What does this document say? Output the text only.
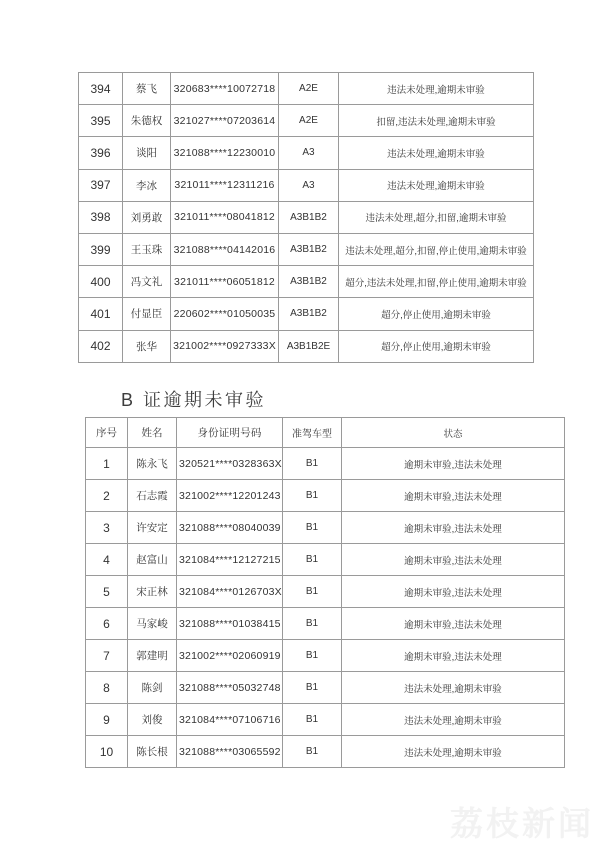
394	蔡飞	320683****10072718	A2E	违法未处理,逾期未审验
395	朱德权	321027****07203614	A2E	扣留,违法未处理,逾期未审验
396	谈阳	321088****12230010	A3	违法未处理,逾期未审验
397	李冰	321011****12311216	A3	违法未处理,逾期未审验
398	刘勇敢	321011****08041812	A3B1B2	违法未处理,超分,扣留,逾期未审验
399	王玉珠	321088****04142016	A3B1B2	违法未处理,超分,扣留,停止使用,逾期未审验
400	冯文礼	321011****06051812	A3B1B2	超分,违法未处理,扣留,停止使用,逾期未审验
401	付显臣	220602****01050035	A3B1B2	超分,停止使用,逾期未审验
402	张华	321002****0927333X	A3B1B2E	超分,停止使用,逾期未审验
B 证逾期未审验
序号	姓名	身份证明号码	准驾车型	状态
1	陈永飞	320521****0328363X	B1	逾期未审验,违法未处理
2	石志霞	321002****12201243	B1	逾期未审验,违法未处理
3	许安定	321088****08040039	B1	逾期未审验,违法未处理
4	赵富山	321084****12127215	B1	逾期未审验,违法未处理
5	宋正林	321084****0126703X	B1	逾期未审验,违法未处理
6	马家峻	321088****01038415	B1	逾期未审验,违法未处理
7	郭建明	321002****02060919	B1	逾期未审验,违法未处理
8	陈剑	321088****05032748	B1	违法未处理,逾期未审验
9	刘俊	321084****07106716	B1	违法未处理,逾期未审验
10	陈长根	321088****03065592	B1	违法未处理,逾期未审验
荔枝新闻
